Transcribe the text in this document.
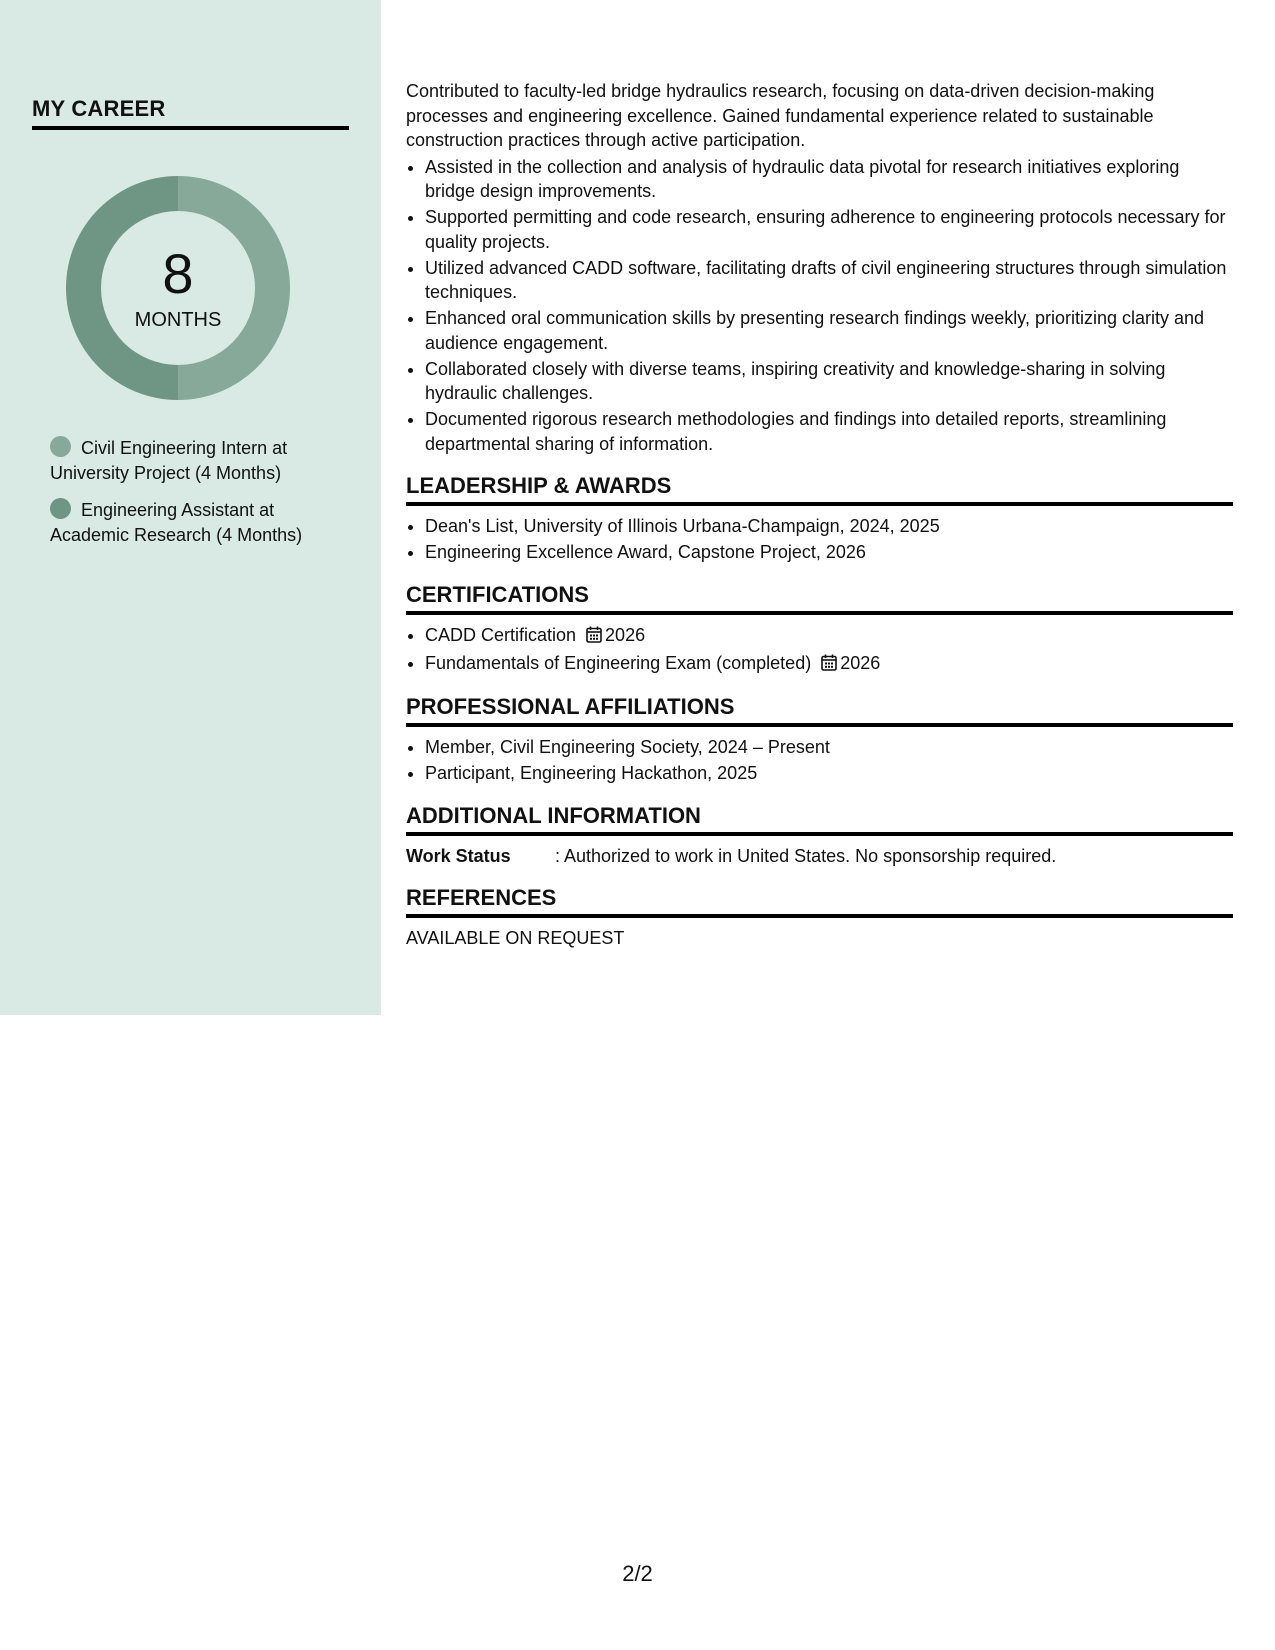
MY CAREER
8
MONTHS
Civil Engineering Intern at University Project (4 Months)
Engineering Assistant at Academic Research (4 Months)

Contributed to faculty-led bridge hydraulics research, focusing on data-driven decision-making processes and engineering excellence. Gained fundamental experience related to sustainable construction practices through active participation.

• Assisted in the collection and analysis of hydraulic data pivotal for research initiatives exploring bridge design improvements.
• Supported permitting and code research, ensuring adherence to engineering protocols necessary for quality projects.
• Utilized advanced CADD software, facilitating drafts of civil engineering structures through simulation techniques.
• Enhanced oral communication skills by presenting research findings weekly, prioritizing clarity and audience engagement.
• Collaborated closely with diverse teams, inspiring creativity and knowledge-sharing in solving hydraulic challenges.
• Documented rigorous research methodologies and findings into detailed reports, streamlining departmental sharing of information.
LEADERSHIP & AWARDS
• Dean's List, University of Illinois Urbana-Champaign, 2024, 2025
• Engineering Excellence Award, Capstone Project, 2026
CERTIFICATIONS
• CADD Certification 2026
• Fundamentals of Engineering Exam (completed) 2026
PROFESSIONAL AFFILIATIONS
• Member, Civil Engineering Society, 2024 – Present
• Participant, Engineering Hackathon, 2025
ADDITIONAL INFORMATION
Work Status	: Authorized to work in United States. No sponsorship required.
REFERENCES
AVAILABLE ON REQUEST
2/2
